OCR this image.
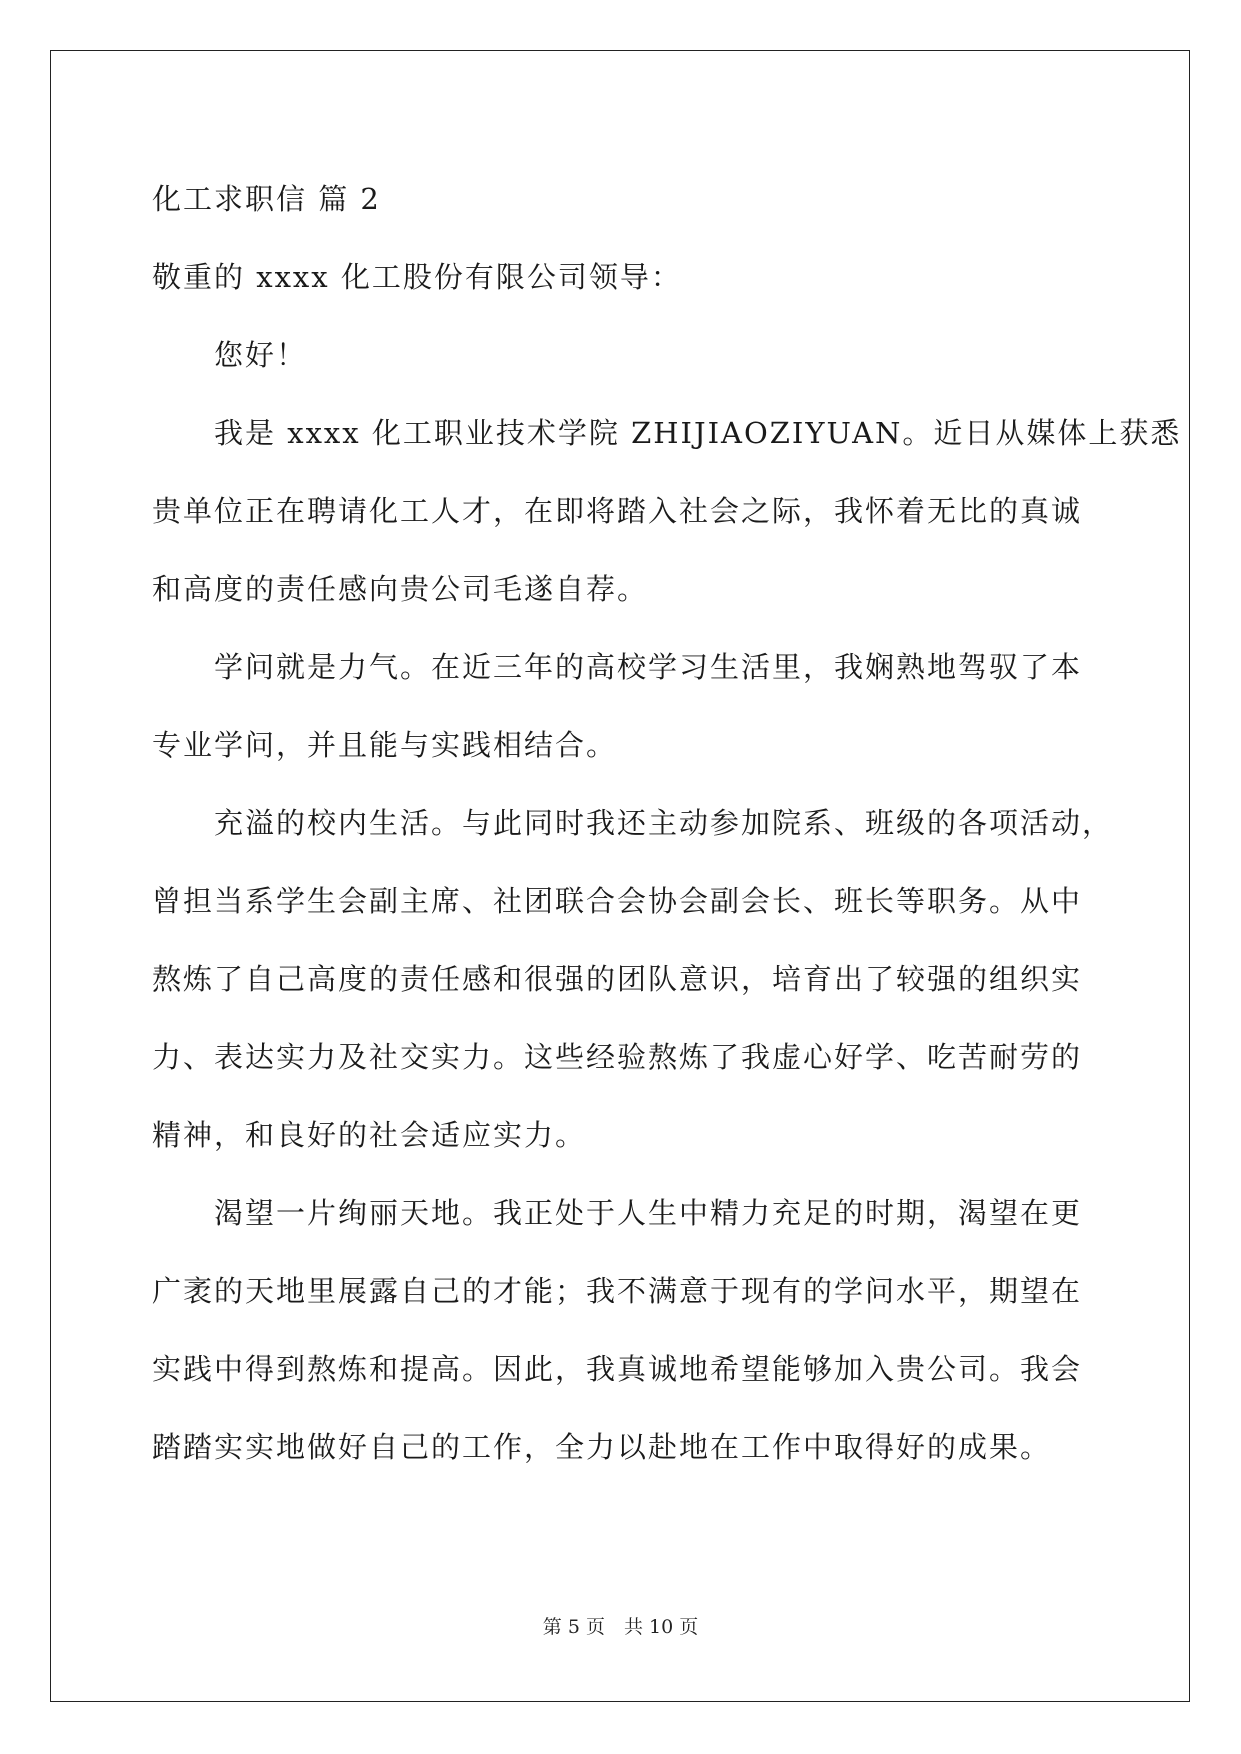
化工求职信 篇 2
敬重的 xxxx 化工股份有限公司领导：
您好！
我是 xxxx 化工职业技术学院 ZHIJIAOZIYUAN。近日从媒体上获悉
贵单位正在聘请化工人才，在即将踏入社会之际，我怀着无比的真诚
和高度的责任感向贵公司毛遂自荐。
学问就是力气。在近三年的高校学习生活里，我娴熟地驾驭了本
专业学问，并且能与实践相结合。
充溢的校内生活。与此同时我还主动参加院系、班级的各项活动，
曾担当系学生会副主席、社团联合会协会副会长、班长等职务。从中
熬炼了自己高度的责任感和很强的团队意识，培育出了较强的组织实
力、表达实力及社交实力。这些经验熬炼了我虚心好学、吃苦耐劳的
精神，和良好的社会适应实力。
渴望一片绚丽天地。我正处于人生中精力充足的时期，渴望在更
广袤的天地里展露自己的才能；我不满意于现有的学问水平，期望在
实践中得到熬炼和提高。因此，我真诚地希望能够加入贵公司。我会
踏踏实实地做好自己的工作，全力以赴地在工作中取得好的成果。
第 5 页　共 10 页
